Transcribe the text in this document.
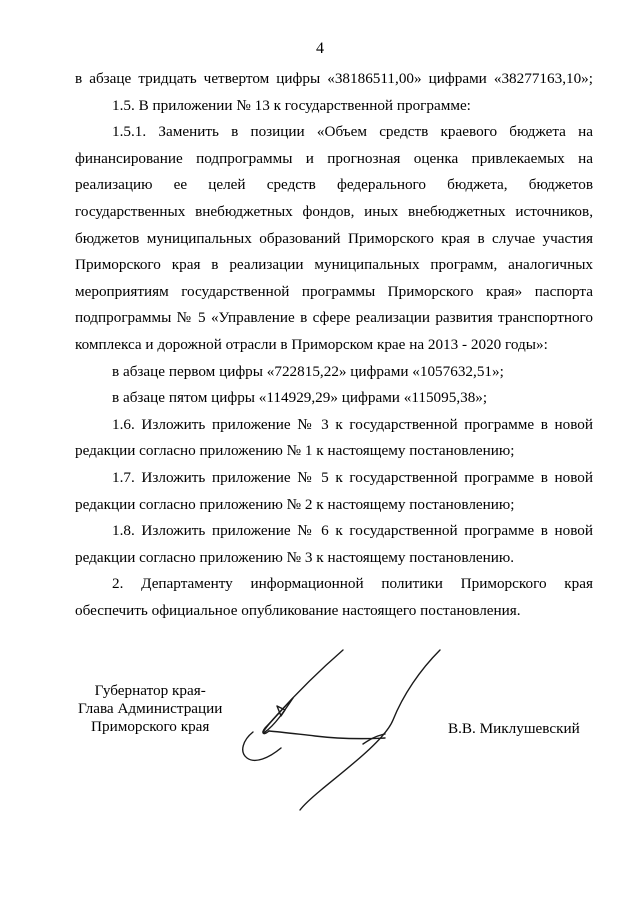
4

в абзаце тридцать четвертом цифры «38186511,00» цифрами «38277163,10»;

1.5. В приложении № 13 к государственной программе:

1.5.1. Заменить в позиции «Объем средств краевого бюджета на финансирование подпрограммы и прогнозная оценка привлекаемых на реализацию ее целей средств федерального бюджета, бюджетов государственных внебюджетных фондов, иных внебюджетных источников, бюджетов муниципальных образований Приморского края в случае участия Приморского края в реализации муниципальных программ, аналогичных мероприятиям государственной программы Приморского края» паспорта подпрограммы № 5 «Управление в сфере реализации развития транспортного комплекса и дорожной отрасли в Приморском крае на 2013 - 2020 годы»:

в абзаце первом цифры «722815,22» цифрами «1057632,51»;

в абзаце пятом цифры «114929,29» цифрами «115095,38»;

1.6. Изложить приложение № 3 к государственной программе в новой редакции согласно приложению № 1 к настоящему постановлению;

1.7. Изложить приложение № 5 к государственной программе в новой редакции согласно приложению № 2 к настоящему постановлению;

1.8. Изложить приложение № 6 к государственной программе в новой редакции согласно приложению № 3 к настоящему постановлению.

2. Департаменту информационной политики Приморского края обеспечить официальное опубликование настоящего постановления.

Губернатор края-
Глава Администрации
Приморского края	В.В. Миклушевский
